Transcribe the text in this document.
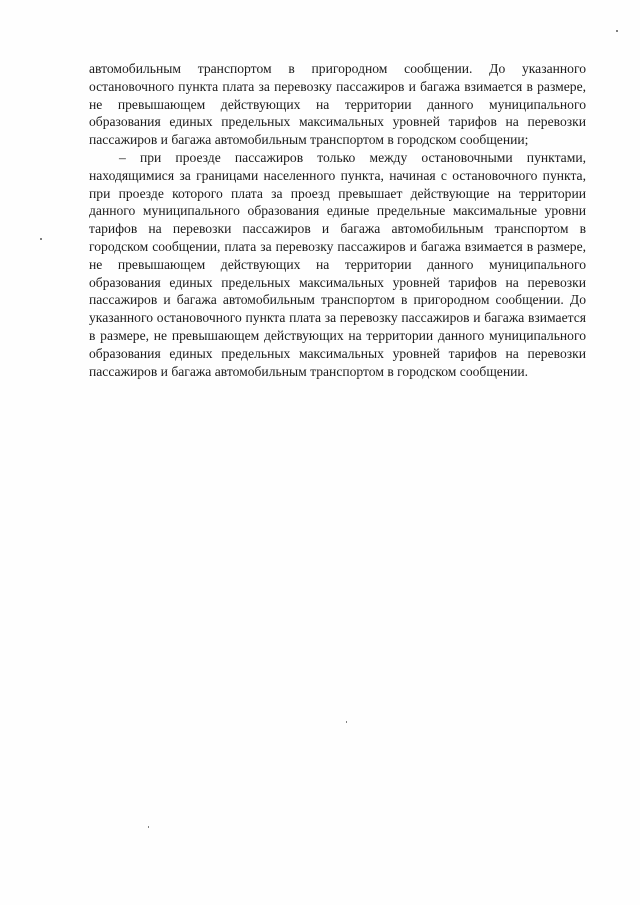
автомобильным транспортом в пригородном сообщении. До указанного остановочного пункта плата за перевозку пассажиров и багажа взимается в размере, не превышающем действующих на территории данного муниципального образования единых предельных максимальных уровней тарифов на перевозки пассажиров и багажа автомобильным транспортом в городском сообщении;

– при проезде пассажиров только между остановочными пунктами, находящимися за границами населенного пункта, начиная с остановочного пункта, при проезде которого плата за проезд превышает действующие на территории данного муниципального образования единые предельные максимальные уровни тарифов на перевозки пассажиров и багажа автомобильным транспортом в городском сообщении, плата за перевозку пассажиров и багажа взимается в размере, не превышающем действующих на территории данного муниципального образования единых предельных максимальных уровней тарифов на перевозки пассажиров и багажа автомобильным транспортом в пригородном сообщении. До указанного остановочного пункта плата за перевозку пассажиров и багажа взимается в размере, не превышающем действующих на территории данного муниципального образования единых предельных максимальных уровней тарифов на перевозки пассажиров и багажа автомобильным транспортом в городском сообщении.
